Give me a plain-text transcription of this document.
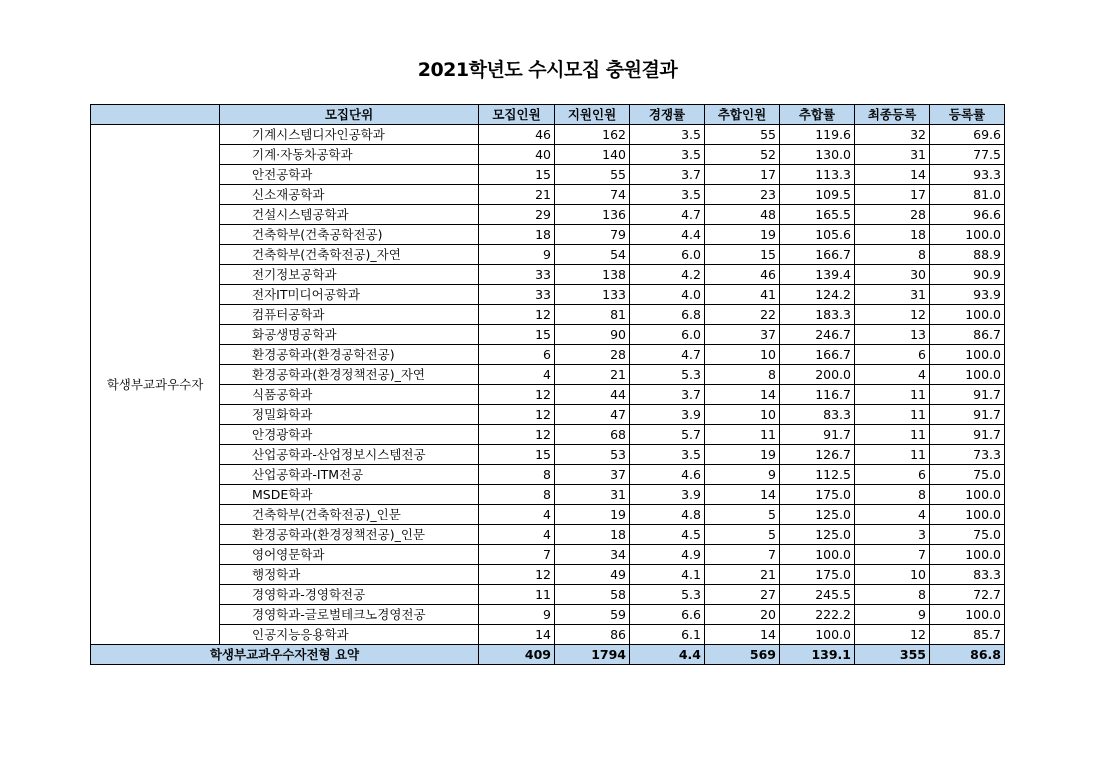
2021학년도 수시모집 충원결과
	모집단위	모집인원	지원인원	경쟁률	추합인원	추합률	최종등록	등록률
학생부교과우수자	기계시스템디자인공학과	46	162	3.5	55	119.6	32	69.6
	기계·자동차공학과	40	140	3.5	52	130.0	31	77.5
	안전공학과	15	55	3.7	17	113.3	14	93.3
	신소재공학과	21	74	3.5	23	109.5	17	81.0
	건설시스템공학과	29	136	4.7	48	165.5	28	96.6
	건축학부(건축공학전공)	18	79	4.4	19	105.6	18	100.0
	건축학부(건축학전공)_자연	9	54	6.0	15	166.7	8	88.9
	전기정보공학과	33	138	4.2	46	139.4	30	90.9
	전자IT미디어공학과	33	133	4.0	41	124.2	31	93.9
	컴퓨터공학과	12	81	6.8	22	183.3	12	100.0
	화공생명공학과	15	90	6.0	37	246.7	13	86.7
	환경공학과(환경공학전공)	6	28	4.7	10	166.7	6	100.0
	환경공학과(환경정책전공)_자연	4	21	5.3	8	200.0	4	100.0
	식품공학과	12	44	3.7	14	116.7	11	91.7
	정밀화학과	12	47	3.9	10	83.3	11	91.7
	안경광학과	12	68	5.7	11	91.7	11	91.7
	산업공학과-산업정보시스템전공	15	53	3.5	19	126.7	11	73.3
	산업공학과-ITM전공	8	37	4.6	9	112.5	6	75.0
	MSDE학과	8	31	3.9	14	175.0	8	100.0
	건축학부(건축학전공)_인문	4	19	4.8	5	125.0	4	100.0
	환경공학과(환경정책전공)_인문	4	18	4.5	5	125.0	3	75.0
	영어영문학과	7	34	4.9	7	100.0	7	100.0
	행정학과	12	49	4.1	21	175.0	10	83.3
	경영학과-경영학전공	11	58	5.3	27	245.5	8	72.7
	경영학과-글로벌테크노경영전공	9	59	6.6	20	222.2	9	100.0
	인공지능응용학과	14	86	6.1	14	100.0	12	85.7
학생부교과우수자전형 요약		409	1794	4.4	569	139.1	355	86.8
